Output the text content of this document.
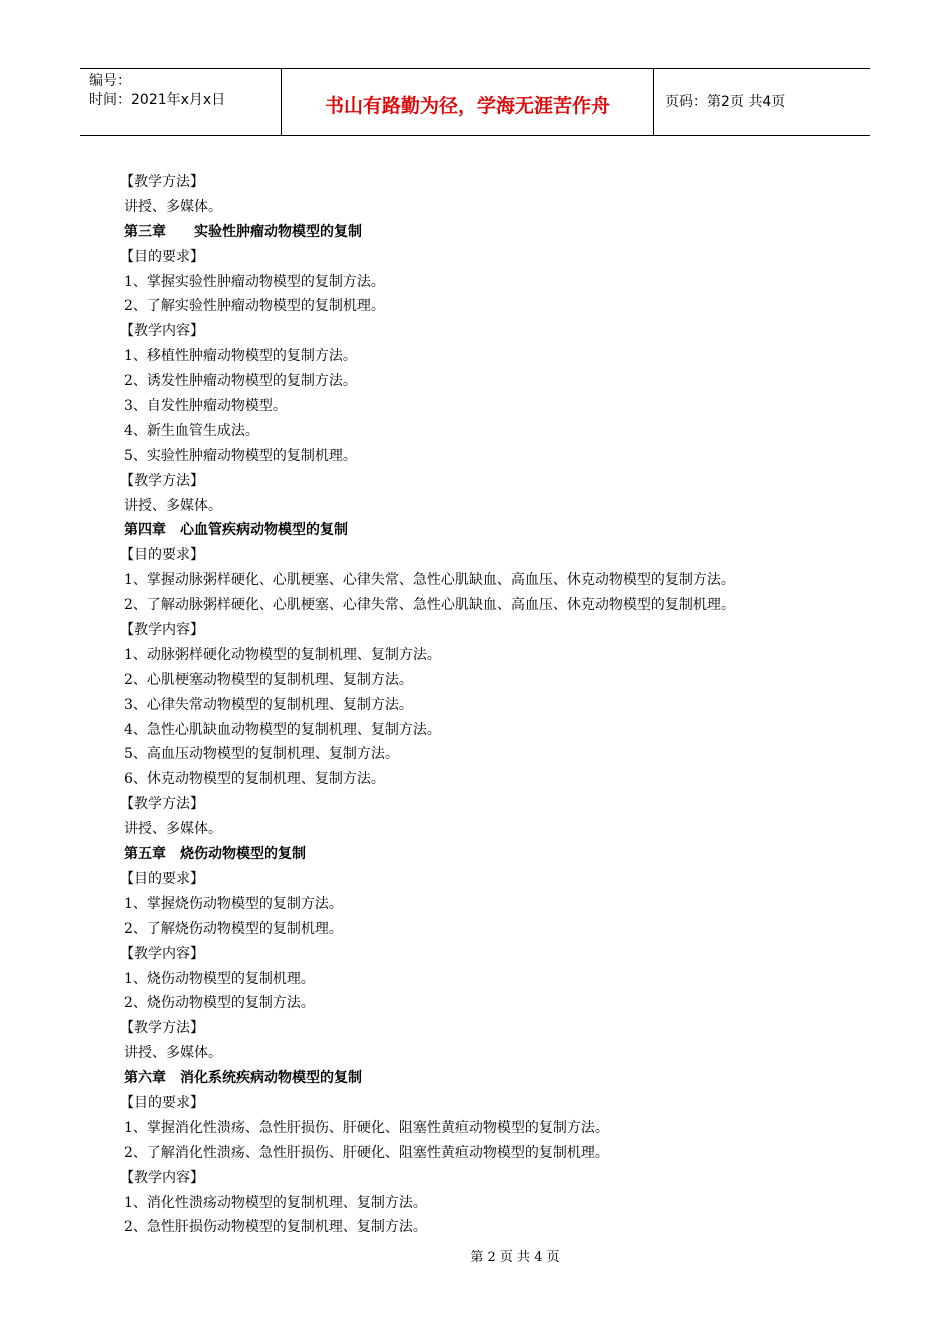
编号：
时间：2021年x月x日	书山有路勤为径，学海无涯苦作舟	页码：第2页 共4页
【教学方法】
讲授、多媒体。
第三章　　实验性肿瘤动物模型的复制
【目的要求】
1、掌握实验性肿瘤动物模型的复制方法。
2、了解实验性肿瘤动物模型的复制机理。
【教学内容】
1、移植性肿瘤动物模型的复制方法。
2、诱发性肿瘤动物模型的复制方法。
3、自发性肿瘤动物模型。
4、新生血管生成法。
5、实验性肿瘤动物模型的复制机理。
【教学方法】
讲授、多媒体。
第四章　心血管疾病动物模型的复制
【目的要求】
1、掌握动脉粥样硬化、心肌梗塞、心律失常、急性心肌缺血、高血压、休克动物模型的复制方法。
2、了解动脉粥样硬化、心肌梗塞、心律失常、急性心肌缺血、高血压、休克动物模型的复制机理。
【教学内容】
1、动脉粥样硬化动物模型的复制机理、复制方法。
2、心肌梗塞动物模型的复制机理、复制方法。
3、心律失常动物模型的复制机理、复制方法。
4、急性心肌缺血动物模型的复制机理、复制方法。
5、高血压动物模型的复制机理、复制方法。
6、休克动物模型的复制机理、复制方法。
【教学方法】
讲授、多媒体。
第五章　烧伤动物模型的复制
【目的要求】
1、掌握烧伤动物模型的复制方法。
2、了解烧伤动物模型的复制机理。
【教学内容】
1、烧伤动物模型的复制机理。
2、烧伤动物模型的复制方法。
【教学方法】
讲授、多媒体。
第六章　消化系统疾病动物模型的复制
【目的要求】
1、掌握消化性溃疡、急性肝损伤、肝硬化、阻塞性黄疸动物模型的复制方法。
2、了解消化性溃疡、急性肝损伤、肝硬化、阻塞性黄疸动物模型的复制机理。
【教学内容】
1、消化性溃疡动物模型的复制机理、复制方法。
2、急性肝损伤动物模型的复制机理、复制方法。
第 2 页 共 4 页
